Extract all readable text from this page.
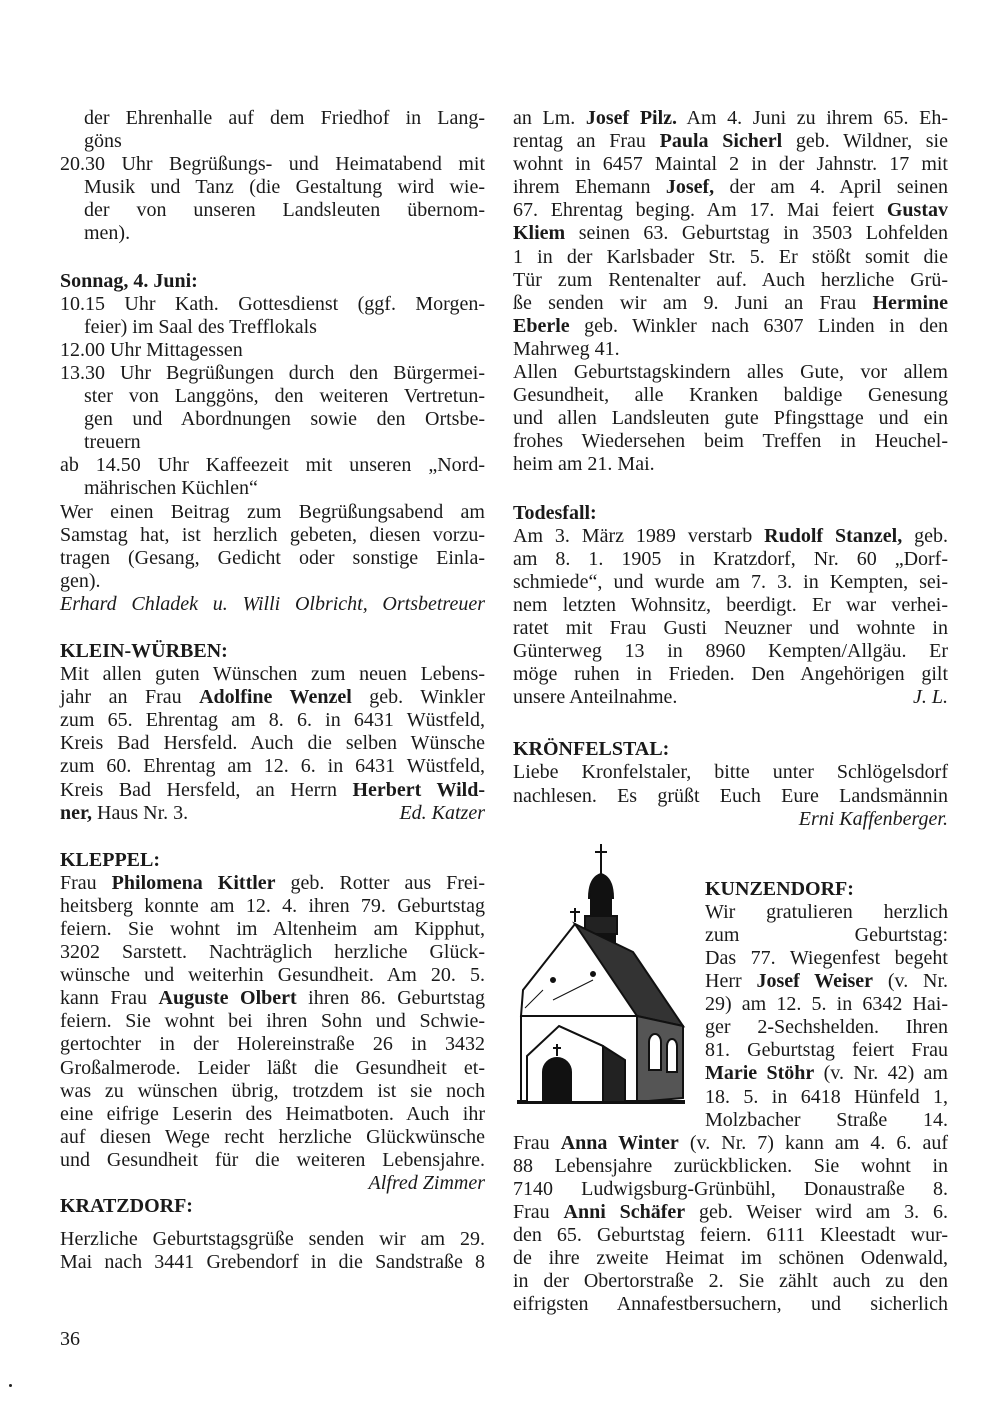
der Ehrenhalle auf dem Friedhof in Lang-
göns
20.30 Uhr Begrüßungs- und Heimatabend mit
Musik und Tanz (die Gestaltung wird wie-
der von unseren Landsleuten übernom-
men).
Sonnag, 4. Juni:
10.15 Uhr Kath. Gottesdienst (ggf. Morgen-
feier) im Saal des Trefflokals
12.00 Uhr Mittagessen
13.30 Uhr Begrüßungen durch den Bürgermei-
ster von Langgöns, den weiteren Vertretun-
gen und Abordnungen sowie den Ortsbe-
treuern
ab 14.50 Uhr Kaffeezeit mit unseren „Nord-
mährischen Küchlen“
Wer einen Beitrag zum Begrüßungsabend am
Samstag hat, ist herzlich gebeten, diesen vorzu-
tragen (Gesang, Gedicht oder sonstige Einla-
gen).
Erhard Chladek u. Willi Olbricht, Ortsbetreuer
KLEIN-WÜRBEN:
Mit allen guten Wünschen zum neuen Lebens-
jahr an Frau Adolfine Wenzel geb. Winkler
zum 65. Ehrentag am 8. 6. in 6431 Wüstfeld,
Kreis Bad Hersfeld. Auch die selben Wünsche
zum 60. Ehrentag am 12. 6. in 6431 Wüstfeld,
Kreis Bad Hersfeld, an Herrn Herbert Wild-
ner, Haus Nr. 3.	Ed. Katzer
KLEPPEL:
Frau Philomena Kittler geb. Rotter aus Frei-
heitsberg konnte am 12. 4. ihren 79. Geburtstag
feiern. Sie wohnt im Altenheim am Kipphut,
3202 Sarstett. Nachträglich herzliche Glück-
wünsche und weiterhin Gesundheit. Am 20. 5.
kann Frau Auguste Olbert ihren 86. Geburtstag
feiern. Sie wohnt bei ihren Sohn und Schwie-
gertochter in der Holereinstraße 26 in 3432
Großalmerode. Leider läßt die Gesundheit et-
was zu wünschen übrig, trotzdem ist sie noch
eine eifrige Leserin des Heimatboten. Auch ihr
auf diesen Wege recht herzliche Glückwünsche
und Gesundheit für die weiteren Lebensjahre.
Alfred Zimmer
KRATZDORF:
Herzliche Geburtstagsgrüße senden wir am 29.
Mai nach 3441 Grebendorf in die Sandstraße 8
an Lm. Josef Pilz. Am 4. Juni zu ihrem 65. Eh-
rentag an Frau Paula Sicherl geb. Wildner, sie
wohnt in 6457 Maintal 2 in der Jahnstr. 17 mit
ihrem Ehemann Josef, der am 4. April seinen
67. Ehrentag beging. Am 17. Mai feiert Gustav
Kliem seinen 63. Geburtstag in 3503 Lohfelden
1 in der Karlsbader Str. 5. Er stößt somit die
Tür zum Rentenalter auf. Auch herzliche Grü-
ße senden wir am 9. Juni an Frau Hermine
Eberle geb. Winkler nach 6307 Linden in den
Mahrweg 41.
Allen Geburtstagskindern alles Gute, vor allem
Gesundheit, alle Kranken baldige Genesung
und allen Landsleuten gute Pfingsttage und ein
frohes Wiedersehen beim Treffen in Heuchel-
heim am 21. Mai.
Todesfall:
Am 3. März 1989 verstarb Rudolf Stanzel, geb.
am 8. 1. 1905 in Kratzdorf, Nr. 60 „Dorf-
schmiede“, und wurde am 7. 3. in Kempten, sei-
nem letzten Wohnsitz, beerdigt. Er war verhei-
ratet mit Frau Gusti Neuzner und wohnte in
Günterweg 13 in 8960 Kempten/Allgäu. Er
möge ruhen in Frieden. Den Angehörigen gilt
unsere Anteilnahme.	J. L.
KRÖNFELSTAL:
Liebe Kronfelstaler, bitte unter Schlögelsdorf
nachlesen. Es grüßt Euch Eure Landsmännin
Erni Kaffenberger.
KUNZENDORF:
Wir gratulieren herzlich
zum Geburtstag:
Das 77. Wiegenfest begeht
Herr Josef Weiser (v. Nr.
29) am 12. 5. in 6342 Hai-
ger 2-Sechshelden. Ihren
81. Geburtstag feiert Frau
Marie Stöhr (v. Nr. 42) am
18. 5. in 6418 Hünfeld 1,
Molzbacher Straße 14.
Frau Anna Winter (v. Nr. 7) kann am 4. 6. auf
88 Lebensjahre zurückblicken. Sie wohnt in
7140 Ludwigsburg-Grünbühl, Donaustraße 8.
Frau Anni Schäfer geb. Weiser wird am 3. 6.
den 65. Geburtstag feiern. 6111 Kleestadt wur-
de ihre zweite Heimat im schönen Odenwald,
in der Obertorstraße 2. Sie zählt auch zu den
eifrigsten Annafestbersuchern, und sicherlich
36
